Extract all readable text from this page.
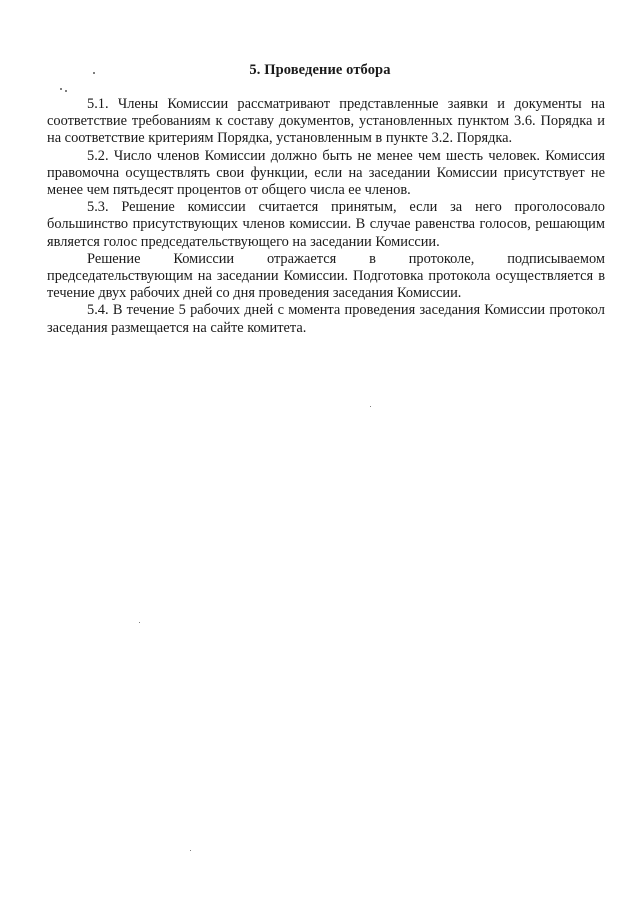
5. Проведение отбора

5.1. Члены Комиссии рассматривают представленные заявки и документы на соответствие требованиям к составу документов, установленных пунктом 3.6. Порядка и на соответствие критериям Порядка, установленным в пункте 3.2. Порядка.

5.2. Число членов Комиссии должно быть не менее чем шесть человек. Комиссия правомочна осуществлять свои функции, если на заседании Комиссии присутствует не менее чем пятьдесят процентов от общего числа ее членов.

5.3. Решение комиссии считается принятым, если за него проголосовало большинство присутствующих членов комиссии. В случае равенства голосов, решающим является голос председательствующего на заседании Комиссии.

Решение Комиссии отражается в протоколе, подписываемом председательствующим на заседании Комиссии. Подготовка протокола осуществляется в течение двух рабочих дней со дня проведения заседания Комиссии.

5.4. В течение 5 рабочих дней с момента проведения заседания Комиссии протокол заседания размещается на сайте комитета.
